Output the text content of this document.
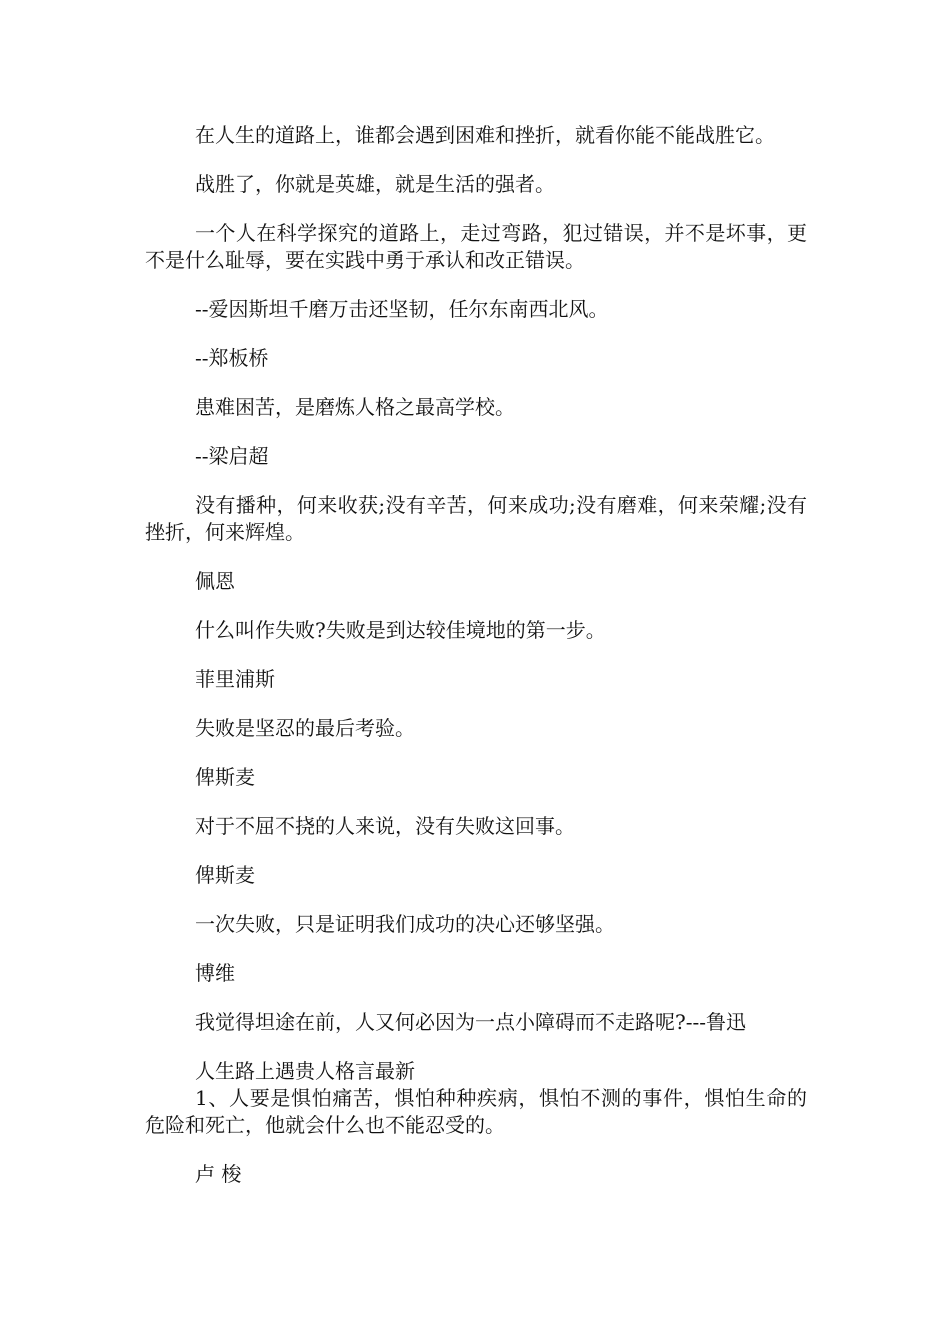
在人生的道路上，谁都会遇到困难和挫折，就看你能不能战胜它。

战胜了，你就是英雄，就是生活的强者。

一个人在科学探究的道路上，走过弯路，犯过错误，并不是坏事，更不是什么耻辱，要在实践中勇于承认和改正错误。

--爱因斯坦千磨万击还坚韧，任尔东南西北风。

--郑板桥

患难困苦，是磨炼人格之最高学校。

--梁启超

没有播种，何来收获;没有辛苦，何来成功;没有磨难，何来荣耀;没有挫折，何来辉煌。

佩恩

什么叫作失败?失败是到达较佳境地的第一步。

菲里浦斯

失败是坚忍的最后考验。

俾斯麦

对于不屈不挠的人来说，没有失败这回事。

俾斯麦

一次失败，只是证明我们成功的决心还够坚强。

博维

我觉得坦途在前，人又何必因为一点小障碍而不走路呢?---鲁迅

人生路上遇贵人格言最新

1、人要是惧怕痛苦，惧怕种种疾病，惧怕不测的事件，惧怕生命的危险和死亡，他就会什么也不能忍受的。

卢 梭
